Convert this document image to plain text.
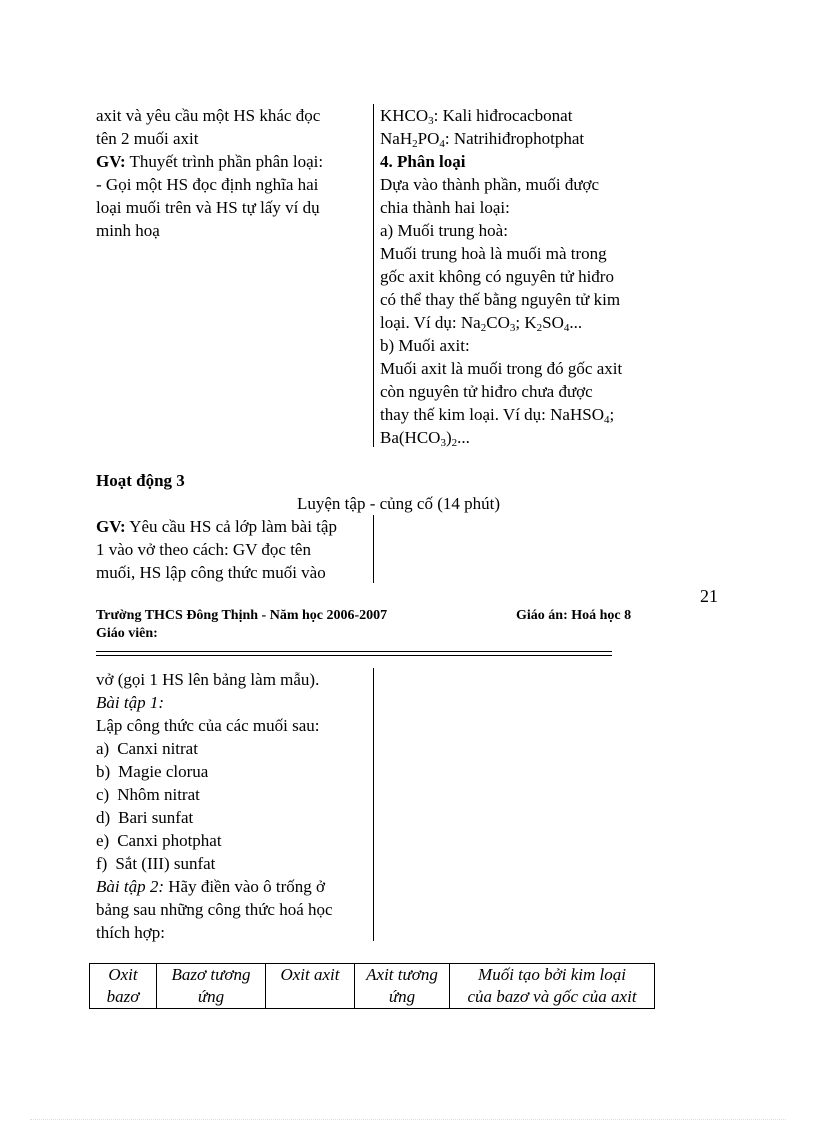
axit và yêu cầu một HS khác đọc
tên 2 muối axit
GV: Thuyết trình phần phân loại:
- Gọi một HS đọc định nghĩa hai
loại muối trên và HS tự lấy ví dụ
minh hoạ
$KHCO_3$: Kali hiđrocacbonat
$NaH_2PO_4$: Natrihiđrophotphat
4. Phân loại
Dựa vào thành phần, muối được
chia thành hai loại:
a) Muối trung hoà:
Muối trung hoà là muối mà trong
gốc axit không có nguyên tử hiđro
có thể thay thế bằng nguyên tử kim
loại. Ví dụ: $Na_2CO_3$; $K_2SO_4$...
b) Muối axit:
Muối axit là muối trong đó gốc axit
còn nguyên tử hiđro chưa được
thay thế kim loại. Ví dụ: NaHSO$_4$;
$Ba(HCO_3)_2$...
Hoạt động 3
Luyện tập - củng cố (14 phút)
GV: Yêu cầu HS cả lớp làm bài tập
1 vào vở theo cách: GV đọc tên
muối, HS lập công thức muối vào
21
Trường THCS Đông Thịnh - Năm học 2006-2007	Giáo án: Hoá học 8
Giáo viên:
vở (gọi 1 HS lên bảng làm mẫu).
Bài tập 1:
Lập công thức của các muối sau:
a) Canxi nitrat
b) Magie clorua
c) Nhôm nitrat
d) Bari sunfat
e) Canxi photphat
f) Sắt (III) sunfat
Bài tập 2: Hãy điền vào ô trống ở
bảng sau những công thức hoá học
thích hợp:
Oxit
bazơ

Bazơ tương
ứng

Oxit axit	Axit tương
ứng

Muối tạo bởi kim loại
của bazơ và gốc của axit
